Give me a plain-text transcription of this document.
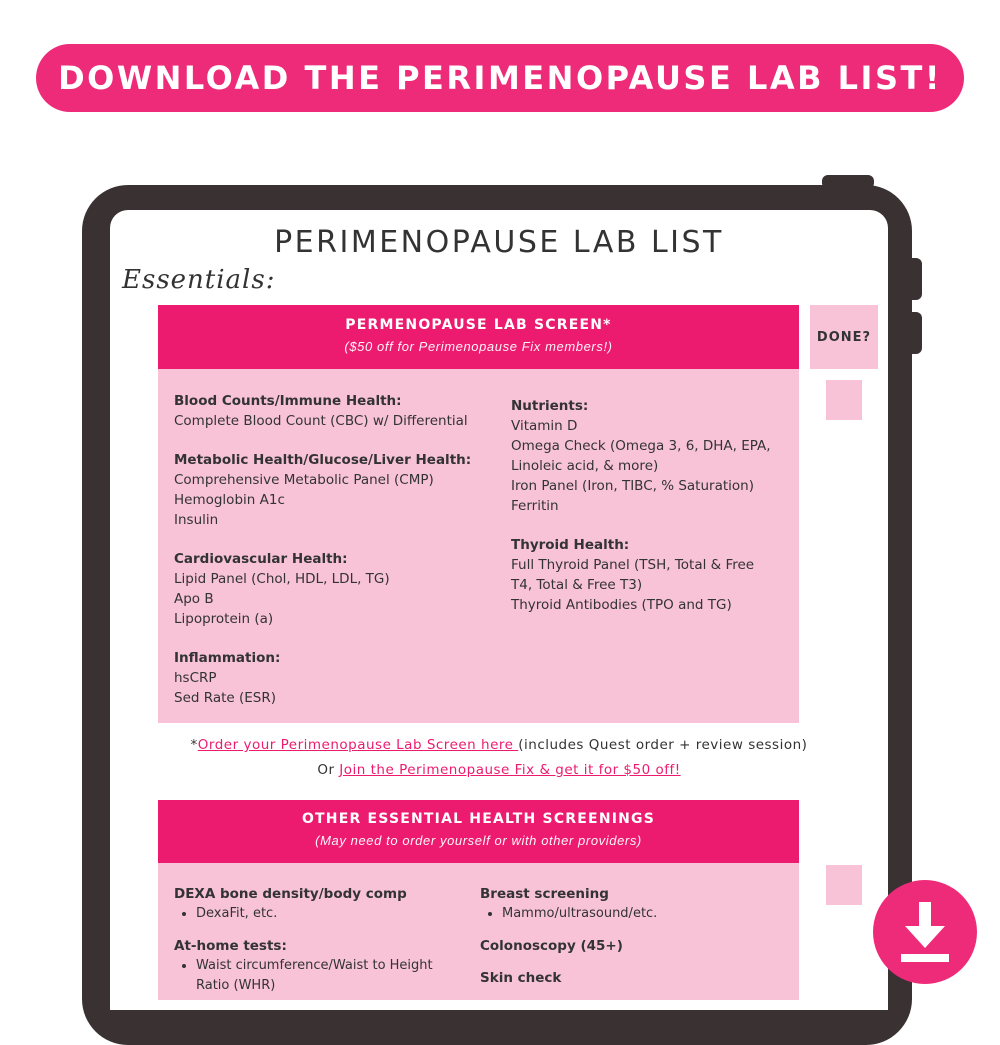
DOWNLOAD THE PERIMENOPAUSE LAB LIST!
PERIMENOPAUSE LAB LIST
Essentials:
PERMENOPAUSE LAB SCREEN*
($50 off for Perimenopause Fix members!)
Blood Counts/Immune Health:
Complete Blood Count (CBC) w/ Differential
Metabolic Health/Glucose/Liver Health:
Comprehensive Metabolic Panel (CMP)
Hemoglobin A1c
Insulin
Cardiovascular Health:
Lipid Panel (Chol, HDL, LDL, TG)
Apo B
Lipoprotein (a)
Inflammation:
hsCRP
Sed Rate (ESR)
Nutrients:
Vitamin D
Omega Check (Omega 3, 6, DHA, EPA,
Linoleic acid, & more)
Iron Panel (Iron, TIBC, % Saturation)
Ferritin
Thyroid Health:
Full Thyroid Panel (TSH, Total & Free
T4, Total & Free T3)
Thyroid Antibodies (TPO and TG)
DONE?
*Order your Perimenopause Lab Screen here (includes Quest order + review session)
Or Join the Perimenopause Fix & get it for $50 off!
OTHER ESSENTIAL HEALTH SCREENINGS
(May need to order yourself or with other providers)
DEXA bone density/body comp
• DexaFit, etc.
At-home tests:
• Waist circumference/Waist to Height Ratio (WHR)
Breast screening
• Mammo/ultrasound/etc.
Colonoscopy (45+)
Skin check
